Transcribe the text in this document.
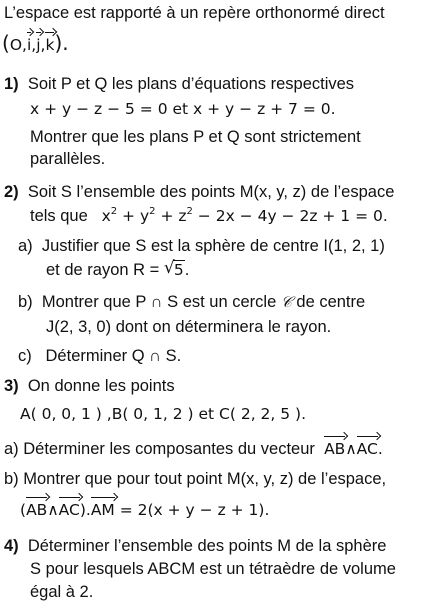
L’espace est rapporté à un repère orthonormé direct
(O,i,j,k).
1) Soit P et Q les plans d’équations respectives
x + y − z − 5 = 0 et x + y − z + 7 = 0.
Montrer que les plans P et Q sont strictement
parallèles.
2) Soit S l’ensemble des points M(x, y, z) de l’espace
tels que $x^2 + y^2 + z^2 - 2x - 4y - 2z + 1 = 0$.
a) Justifier que S est la sphère de centre I(1, 2, 1)
et de rayon R = √ 5.
b) Montrer que P ∩ S est un cercle 𝒞 de centre
J(2, 3, 0) dont on déterminera le rayon.
c) Déterminer Q ∩ S.
3) On donne les points
A( 0, 0, 1 ) ,B( 0, 1, 2 ) et C( 2, 2, 5 ).
a) Déterminer les composantes du vecteur AB∧AC.
b) Montrer que pour tout point M(x, y, z) de l’espace,
(AB∧AC).AM = 2(x + y − z + 1).
4) Déterminer l’ensemble des points M de la sphère
S pour lesquels ABCM est un tétraèdre de volume
égal à 2.
